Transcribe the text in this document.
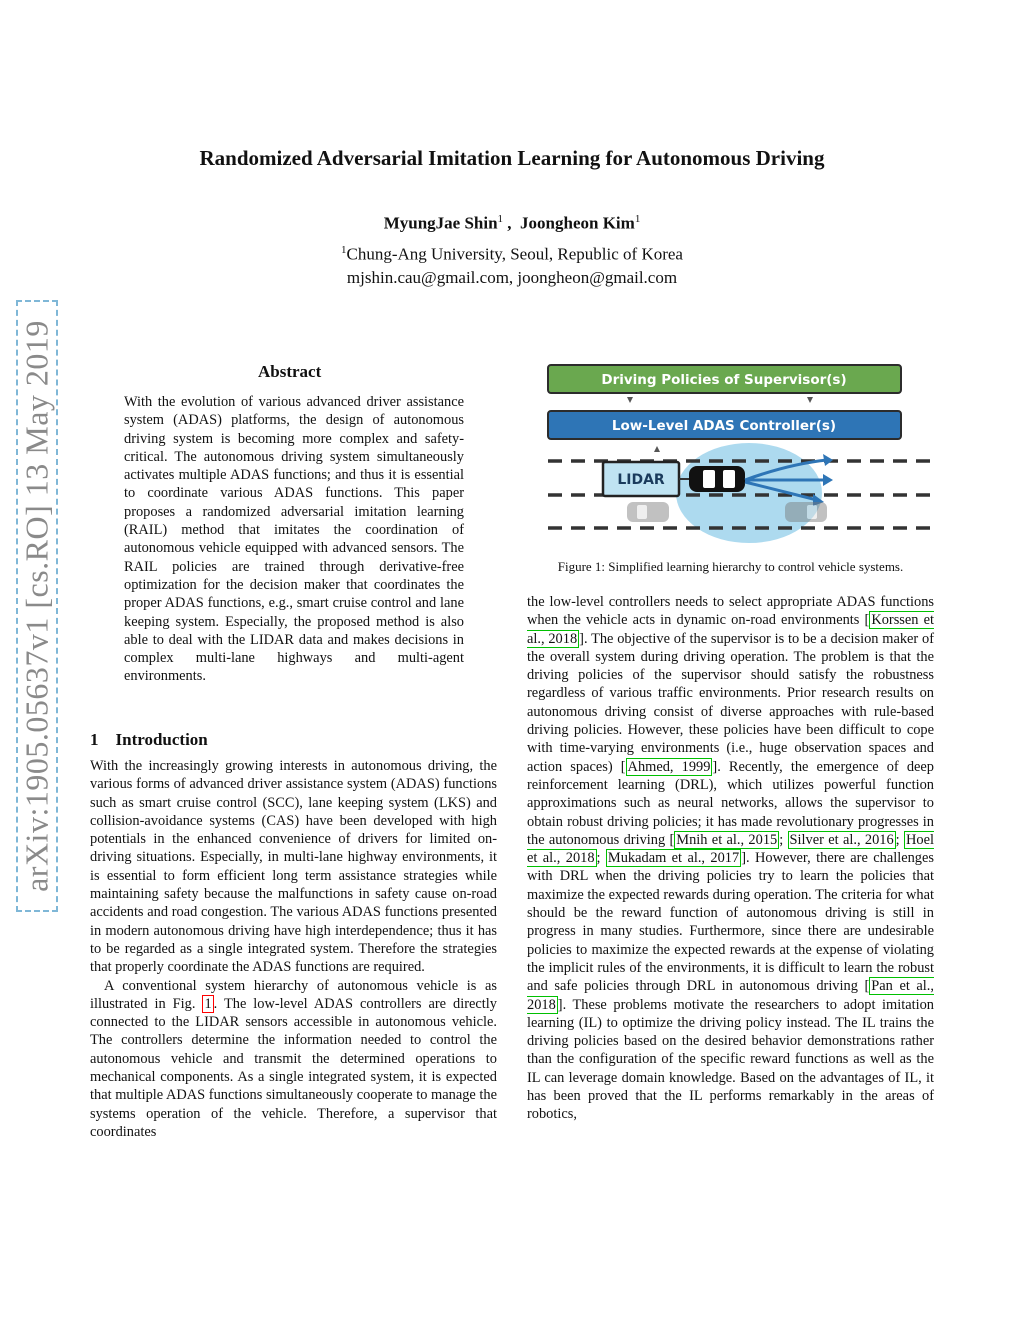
arXiv:1905.05637v1 [cs.RO] 13 May 2019
Randomized Adversarial Imitation Learning for Autonomous Driving
MyungJae Shin$^1$ ,  Joongheon Kim$^1$
$^1$Chung-Ang University, Seoul, Republic of Korea
mjshin.cau@gmail.com, joongheon@gmail.com
Abstract

With the evolution of various advanced driver assistance system (ADAS) platforms, the design of autonomous driving system is becoming more complex and safety-critical. The autonomous driving system simultaneously activates multiple ADAS functions; and thus it is essential to coordinate various ADAS functions. This paper proposes a randomized adversarial imitation learning (RAIL) method that imitates the coordination of autonomous vehicle equipped with advanced sensors. The RAIL policies are trained through derivative-free optimization for the decision maker that coordinates the proper ADAS functions, e.g., smart cruise control and lane keeping system. Especially, the proposed method is also able to deal with the LIDAR data and makes decisions in complex multi-lane highways and multi-agent environments.

1 Introduction

With the increasingly growing interests in autonomous driving, the various forms of advanced driver assistance system (ADAS) functions such as smart cruise control (SCC), lane keeping system (LKS) and collision-avoidance systems (CAS) have been developed with high potentials in the enhanced convenience of drivers for limited on-driving situations. Especially, in multi-lane highway environments, it is essential to form efficient long term assistance strategies while maintaining safety because the malfunctions in safety cause on-road accidents and road congestion. The various ADAS functions presented in modern autonomous driving have high interdependence; thus it has to be regarded as a single integrated system. Therefore the strategies that properly coordinate the ADAS functions are required.

A conventional system hierarchy of autonomous vehicle is as illustrated in Fig. 1 . The low-level ADAS controllers are directly connected to the LIDAR sensors accessible in autonomous vehicle. The controllers determine the information needed to control the autonomous vehicle and transmit the determined operations to mechanical components. As a single integrated system, it is expected that multiple ADAS functions simultaneously cooperate to manage the systems operation of the vehicle. Therefore, a supervisor that coordinates

Driving Policies of Supervisor(s)
Low-Level ADAS Controller(s)
LIDAR
Figure 1: Simplified learning hierarchy to control vehicle systems.

the low-level controllers needs to select appropriate ADAS functions when the vehicle acts in dynamic on-road environments [ Korssen et al., 2018 ]. The objective of the supervisor is to be a decision maker of the overall system during driving operation. The problem is that the driving policies of the supervisor should satisfy the robustness regardless of various traffic environments. Prior research results on autonomous driving consist of diverse approaches with rule-based driving policies. However, these policies have been difficult to cope with time-varying environments (i.e., huge observation spaces and action spaces) [ Ahmed, 1999 ]. Recently, the emergence of deep reinforcement learning (DRL), which utilizes powerful function approximations such as neural networks, allows the supervisor to obtain robust driving policies; it has made revolutionary progresses in the autonomous driving [ Mnih et al., 2015 ; Silver et al., 2016 ; Hoel et al., 2018 ; Mukadam et al., 2017 ]. However, there are challenges with DRL when the driving policies try to learn the policies that maximize the expected rewards during operation. The criteria for what should be the reward function of autonomous driving is still in progress in many studies. Furthermore, since there are undesirable policies to maximize the expected rewards at the expense of violating the implicit rules of the environments, it is difficult to learn the robust and safe policies through DRL in autonomous driving [ Pan et al., 2018 ]. These problems motivate the researchers to adopt imitation learning (IL) to optimize the driving policy instead. The IL trains the driving policies based on the desired behavior demonstrations rather than the configuration of the specific reward functions as well as the IL can leverage domain knowledge. Based on the advantages of IL, it has been proved that the IL performs remarkably in the areas of robotics,
